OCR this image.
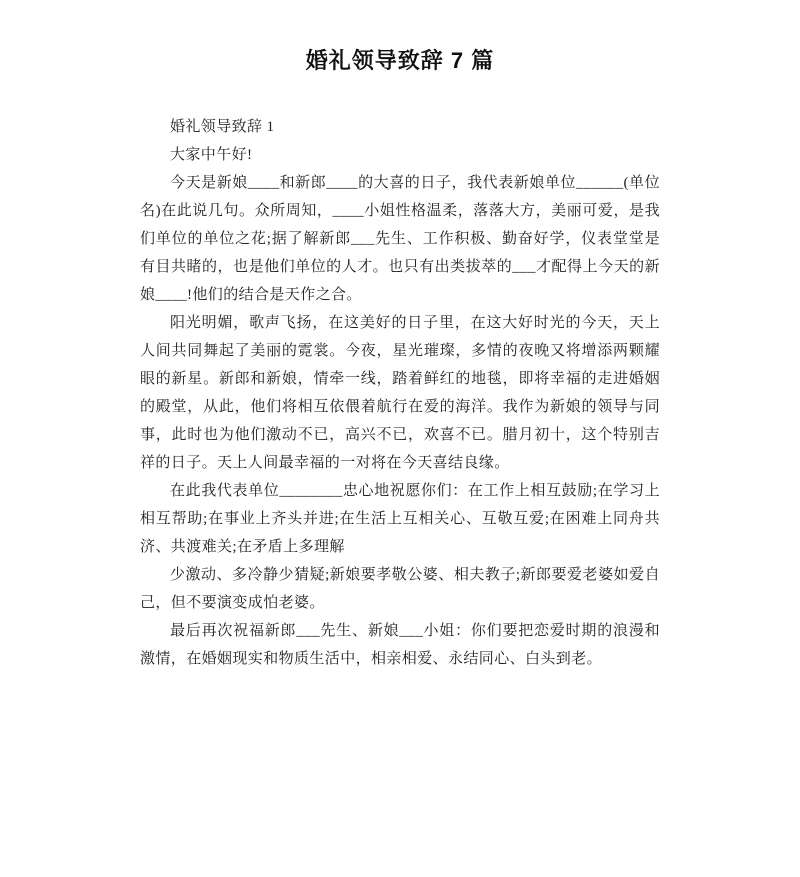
婚礼领导致辞 7 篇

婚礼领导致辞 1

大家中午好!

今天是新娘____和新郎____的大喜的日子，我代表新娘单位______(单位名)在此说几句。众所周知，____小姐性格温柔，落落大方，美丽可爱，是我们单位的单位之花;据了解新郎___先生、工作积极、勤奋好学，仪表堂堂是有目共睹的，也是他们单位的人才。也只有出类拔萃的___才配得上今天的新娘____!他们的结合是天作之合。

阳光明媚，歌声飞扬，在这美好的日子里，在这大好时光的今天，天上人间共同舞起了美丽的霓裳。今夜，星光璀璨，多情的夜晚又将增添两颗耀眼的新星。新郎和新娘，情牵一线，踏着鲜红的地毯，即将幸福的走进婚姻的殿堂，从此，他们将相互依偎着航行在爱的海洋。我作为新娘的领导与同事，此时也为他们激动不已，高兴不已，欢喜不已。腊月初十，这个特别吉祥的日子。天上人间最幸福的一对将在今天喜结良缘。

在此我代表单位________忠心地祝愿你们：在工作上相互鼓励;在学习上相互帮助;在事业上齐头并进;在生活上互相关心、互敬互爱;在困难上同舟共济、共渡难关;在矛盾上多理解

少激动、多冷静少猜疑;新娘要孝敬公婆、相夫教子;新郎要爱老婆如爱自己，但不要演变成怕老婆。

最后再次祝福新郎___先生、新娘___小姐：你们要把恋爱时期的浪漫和激情，在婚姻现实和物质生活中，相亲相爱、永结同心、白头到老。
